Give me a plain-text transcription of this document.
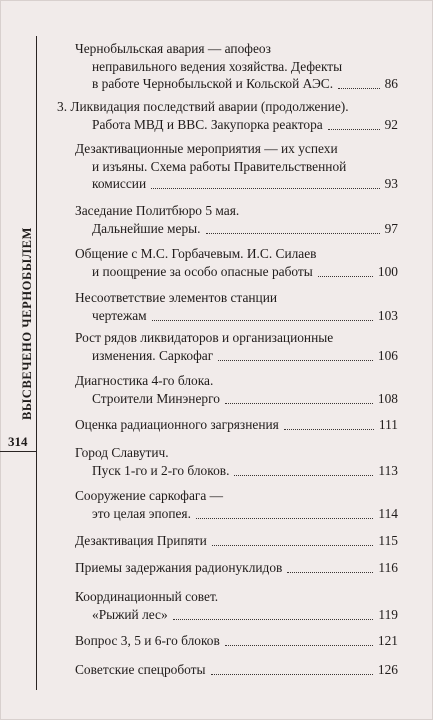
ВЫСВЕЧЕНО ЧЕРНОБЫЛЕМ
314
Чернобыльская авария — апофеоз
неправильного ведения хозяйства. Дефекты
в работе Чернобыльской и Кольской АЭС.	86
3. Ликвидация последствий аварии (продолжение).
Работа МВД и ВВС. Закупорка реактора	92
Дезактивационные мероприятия — их успехи
и изъяны. Схема работы Правительственной
комиссии	93
Заседание Политбюро 5 мая.
Дальнейшие меры.	97
Общение с М.С. Горбачевым. И.С. Силаев
и поощрение за особо опасные работы	100
Несоответствие элементов станции
чертежам	103
Рост рядов ликвидаторов и организационные
изменения. Саркофаг	106
Диагностика 4-го блока.
Строители Минэнерго	108
Оценка радиационного загрязнения	111
Город Славутич.
Пуск 1-го и 2-го блоков.	113
Сооружение саркофага —
это целая эпопея.	114
Дезактивация Припяти	115
Приемы задержания радионуклидов	116
Координационный совет.
«Рыжий лес»	119
Вопрос 3, 5 и 6-го блоков	121
Советские спецроботы	126
